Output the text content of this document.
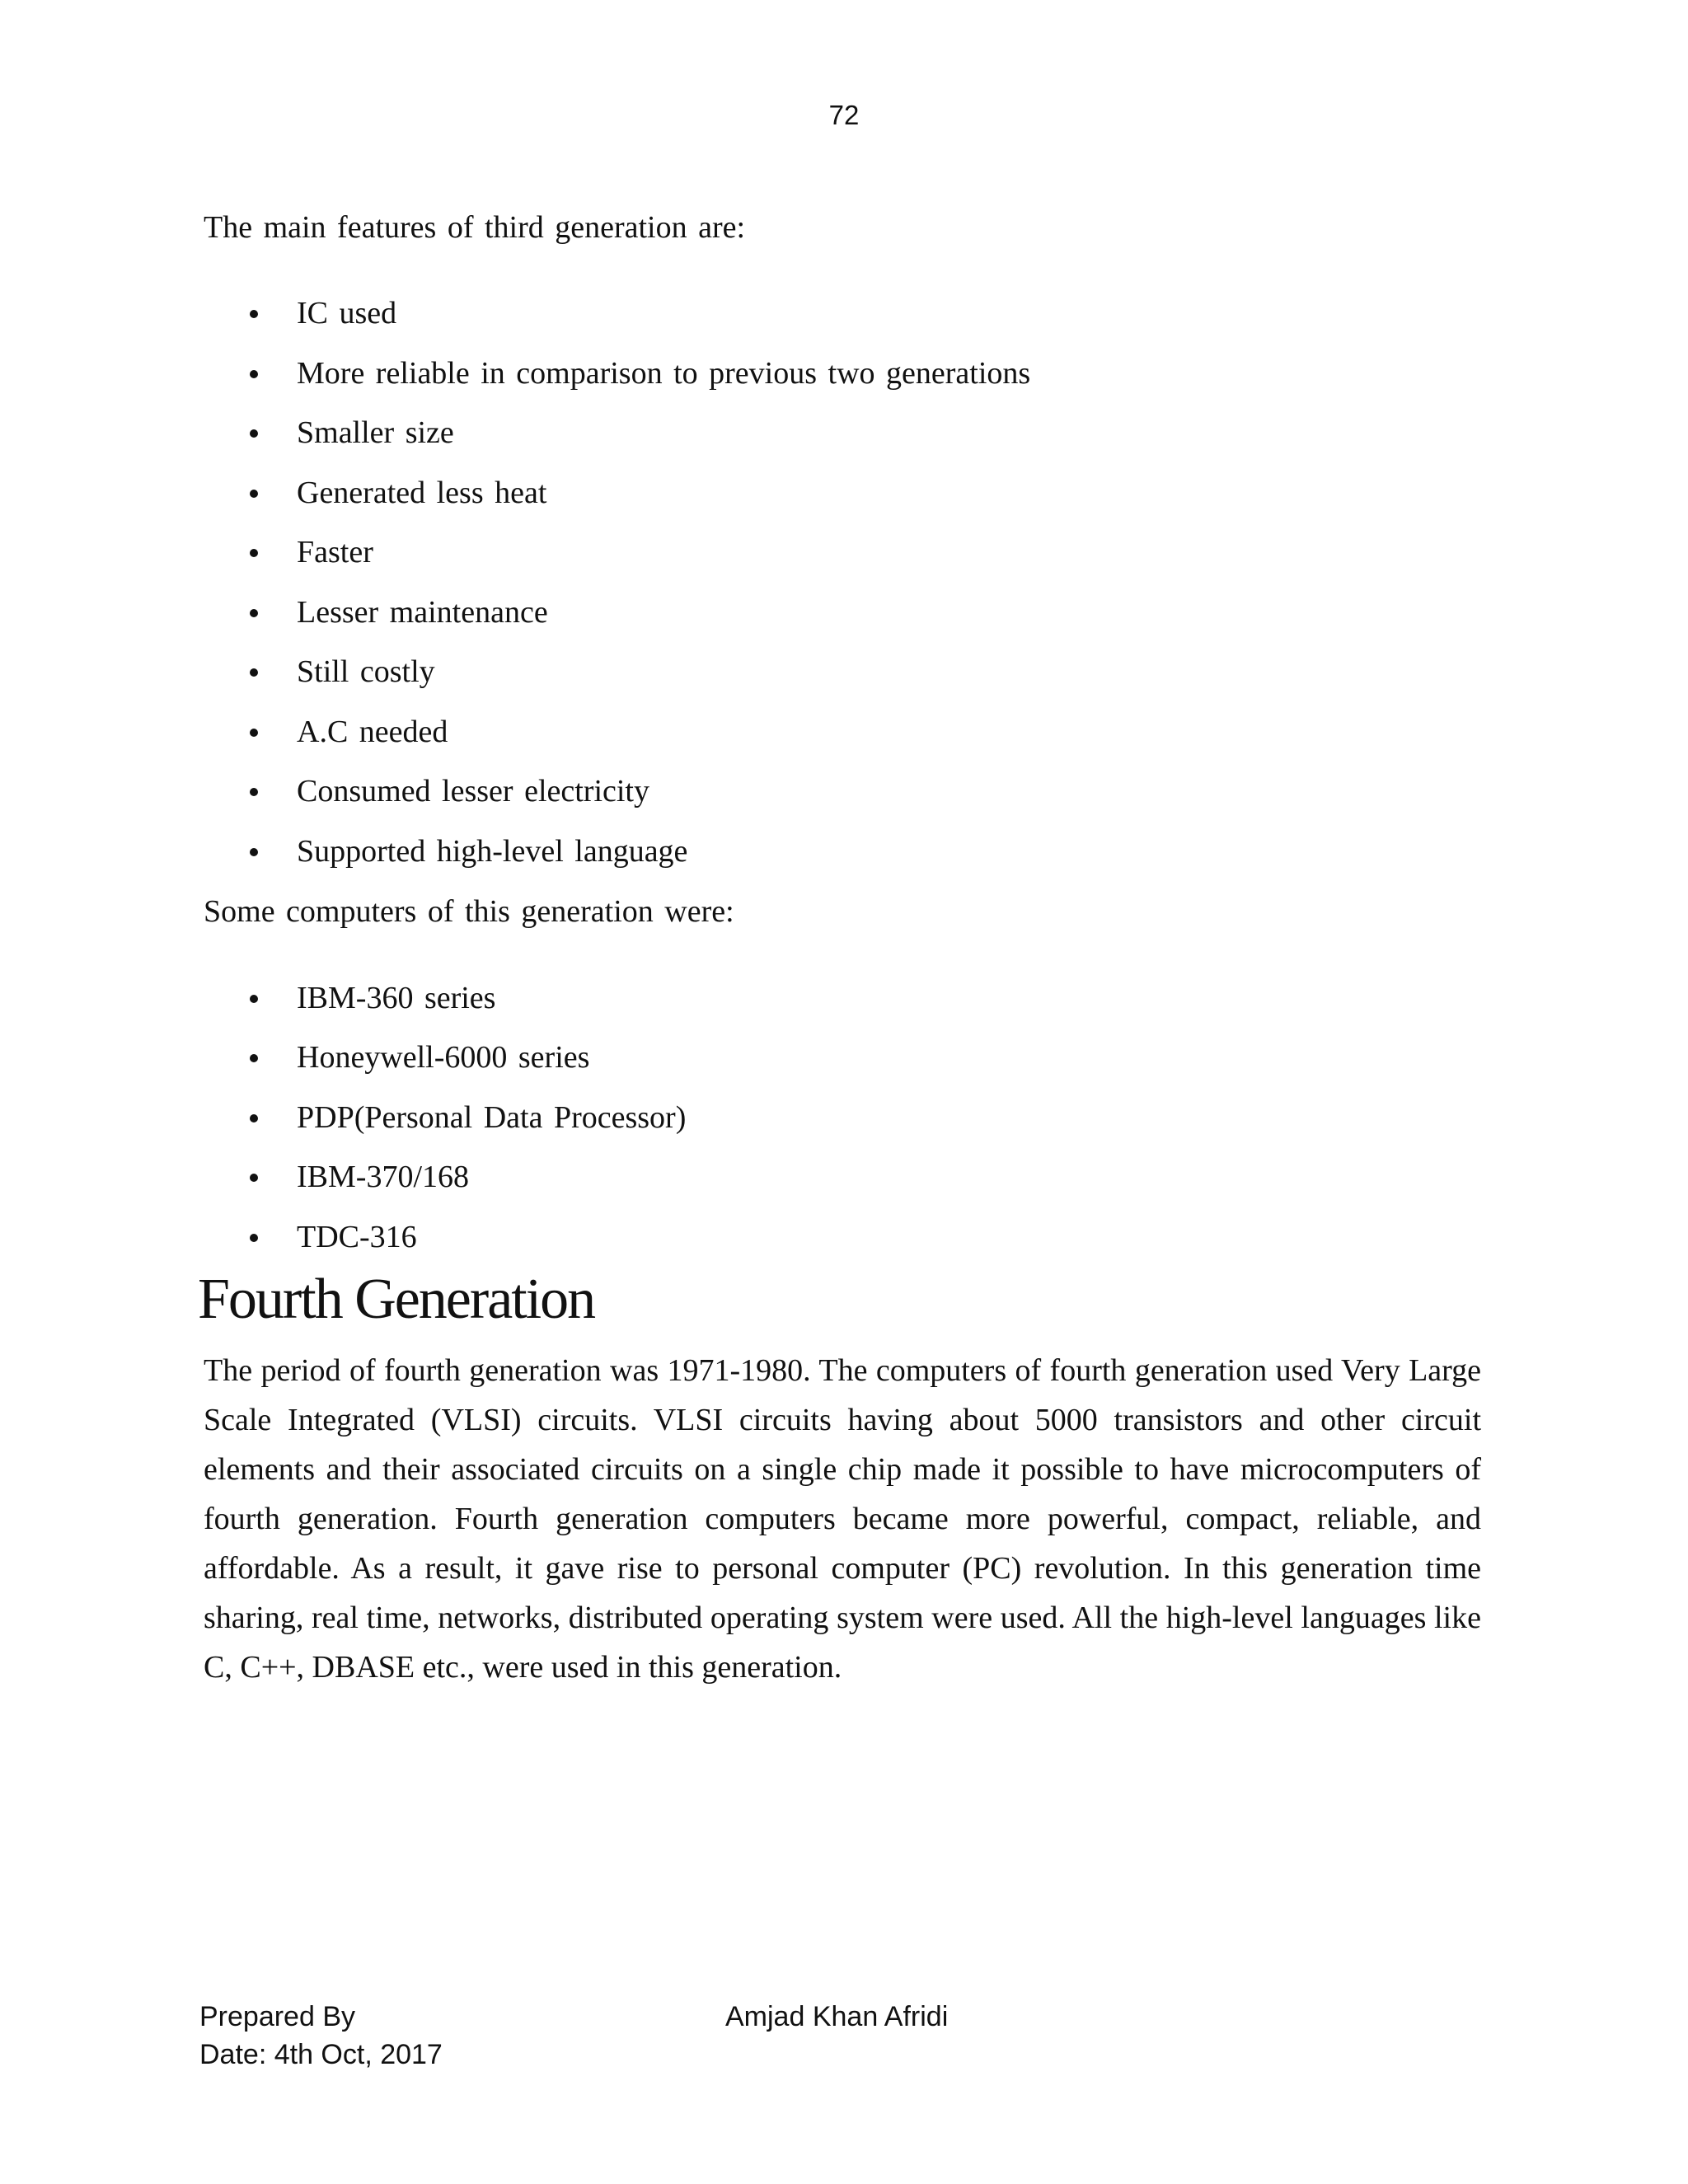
72

The main features of third generation are:

IC used
More reliable in comparison to previous two generations
Smaller size
Generated less heat
Faster
Lesser maintenance
Still costly
A.C needed
Consumed lesser electricity
Supported high-level language

Some computers of this generation were:

IBM-360 series
Honeywell-6000 series
PDP(Personal Data Processor)
IBM-370/168
TDC-316
Fourth Generation

The period of fourth generation was 1971-1980. The computers of fourth generation used Very Large Scale Integrated (VLSI) circuits. VLSI circuits having about 5000 transistors and other circuit elements and their associated circuits on a single chip made it possible to have microcomputers of fourth generation. Fourth generation computers became more powerful, compact, reliable, and affordable. As a result, it gave rise to personal computer (PC) revolution. In this generation time sharing, real time, networks, distributed operating system were used. All the high-level languages like C, C++, DBASE etc., were used in this generation.

Prepared By
Date: 4th Oct, 2017
Amjad Khan Afridi
